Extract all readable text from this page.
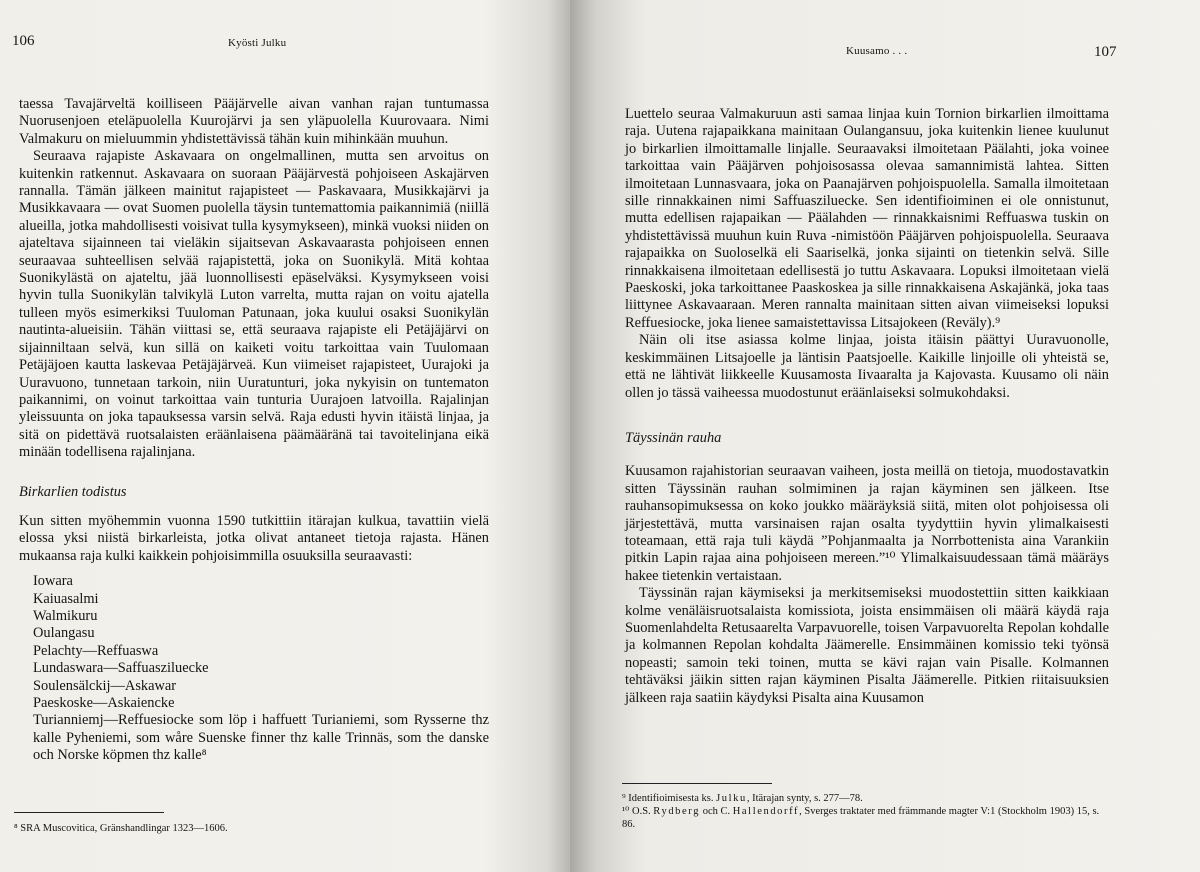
106	Kyösti Julku

taessa Tavajärveltä koilliseen Pääjärvelle aivan vanhan rajan tuntumassa Nuorusenjoen eteläpuolella Kuurojärvi ja sen yläpuolella Kuurovaara. Nimi Valmakuru on mieluummin yhdistettävissä tähän kuin mihinkään muuhun.

Seuraava rajapiste Askavaara on ongelmallinen, mutta sen arvoitus on kuitenkin ratkennut. Askavaara on suoraan Pääjärvestä pohjoiseen Askajärven rannalla. Tämän jälkeen mainitut rajapisteet — Paskavaara, Musikkajärvi ja Musikkavaara — ovat Suomen puolella täysin tuntemattomia paikannimiä (niillä alueilla, jotka mahdollisesti voisivat tulla kysymykseen), minkä vuoksi niiden on ajateltava sijainneen tai vieläkin sijaitsevan Askavaarasta pohjoiseen ennen seuraavaa suhteellisen selvää rajapistettä, joka on Suonikylä. Mitä kohtaa Suonikylästä on ajateltu, jää luonnollisesti epäselväksi. Kysymykseen voisi hyvin tulla Suonikylän talvikylä Luton varrelta, mutta rajan on voitu ajatella tulleen myös esimerkiksi Tuuloman Patunaan, joka kuului osaksi Suonikylän nautinta-alueisiin. Tähän viittasi se, että seuraava rajapiste eli Petäjäjärvi on sijainniltaan selvä, kun sillä on kaiketi voitu tarkoittaa vain Tuulomaan Petäjäjoen kautta laskevaa Petäjäjärveä. Kun viimeiset rajapisteet, Uurajoki ja Uuravuono, tunnetaan tarkoin, niin Uuratunturi, joka nykyisin on tuntematon paikannimi, on voinut tarkoittaa vain tunturia Uurajoen latvoilla. Rajalinjan yleissuunta on joka tapauksessa varsin selvä. Raja edusti hyvin itäistä linjaa, ja sitä on pidettävä ruotsalaisten eräänlaisena päämääränä tai tavoitelinjana eikä minään todellisena rajalinjana.

Birkarlien todistus

Kun sitten myöhemmin vuonna 1590 tutkittiin itärajan kulkua, tavattiin vielä elossa yksi niistä birkarleista, jotka olivat antaneet tietoja rajasta. Hänen mukaansa raja kulki kaikkein pohjoisimmilla osuuksilla seuraavasti:

Iowara
Kaiuasalmi
Walmikuru
Oulangasu
Pelachty—Reffuaswa
Lundaswara—Saffuaszilueckе
Soulensälckij—Askawar
Paeskoske—Askaiencke

Turianniemj—Reffuesiocke som löp i haffuett Turianiemi, som Rysserne thz kalle Pyheniemi, som wåre Suenske finner thz kalle Trinnäs, som the danske och Norske köpmen thz kalle⁸

⁸ SRA Muscovitica, Gränshandlingar 1323—1606.
Kuusamo . . .	107

Luettelo seuraa Valmakuruun asti samaa linjaa kuin Tornion birkarlien ilmoittama raja. Uutena rajapaikkana mainitaan Oulangansuu, joka kuitenkin lienee kuulunut jo birkarlien ilmoittamalle linjalle. Seuraavaksi ilmoitetaan Päälahti, joka voinee tarkoittaa vain Pääjärven pohjoisosassa olevaa samannimistä lahtea. Sitten ilmoitetaan Lunnasvaara, joka on Paanajärven pohjoispuolella. Samalla ilmoitetaan sille rinnakkainen nimi Saffuaszilueckе. Sen identifioiminen ei ole onnistunut, mutta edellisen rajapaikan — Päälahden — rinnakkaisnimi Reffuaswa tuskin on yhdistettävissä muuhun kuin Ruva -nimistöön Pääjärven pohjoispuolella. Seuraava rajapaikka on Suoloselkä eli Saariselkä, jonka sijainti on tietenkin selvä. Sille rinnakkaisena ilmoitetaan edellisestä jo tuttu Askavaara. Lopuksi ilmoitetaan vielä Paeskoski, joka tarkoittanee Paaskoskea ja sille rinnakkaisena Askajänkä, joka taas liittynee Askavaaraan. Meren rannalta mainitaan sitten aivan viimeiseksi lopuksi Reffuesiocke, joka lienee samaistettavissa Litsajokeen (Reväly).⁹

Näin oli itse asiassa kolme linjaa, joista itäisin päättyi Uuravuonolle, keskimmäinen Litsajoelle ja läntisin Paatsjoelle. Kaikille linjoille oli yhteistä se, että ne lähtivät liikkeelle Kuusamosta Iivaaralta ja Kajovasta. Kuusamo oli näin ollen jo tässä vaiheessa muodostunut eräänlaiseksi solmukohdaksi.

Täyssinän rauha

Kuusamon rajahistorian seuraavan vaiheen, josta meillä on tietoja, muodostavatkin sitten Täyssinän rauhan solmiminen ja rajan käyminen sen jälkeen. Itse rauhansopimuksessa on koko joukko määräyksiä siitä, miten olot pohjoisessa oli järjestettävä, mutta varsinaisen rajan osalta tyydyttiin hyvin ylimalkaisesti toteamaan, että raja tuli käydä ”Pohjanmaalta ja Norrbottenista aina Varankiin pitkin Lapin rajaa aina pohjoiseen mereen.”¹⁰ Ylimalkaisuudessaan tämä määräys hakee tietenkin vertaistaan.

Täyssinän rajan käymiseksi ja merkitsemiseksi muodostettiin sitten kaikkiaan kolme venäläisruotsalaista komissiota, joista ensimmäisen oli määrä käydä raja Suomenlahdelta Retusaarelta Varpavuorelle, toisen Varpavuorelta Repolan kohdalle ja kolmannen Repolan kohdalta Jäämerelle. Ensimmäinen komissio teki työnsä nopeasti; samoin teki toinen, mutta se kävi rajan vain Pisalle. Kolmannen tehtäväksi jäikin sitten rajan käyminen Pisalta Jäämerelle. Pitkien riitaisuuksien jälkeen raja saatiin käydyksi Pisalta aina Kuusamon

⁹ Identifioimisesta ks. Julku, Itärajan synty, s. 277—78.
¹⁰ O.S. Rydberg och C. Hallendorff, Sverges traktater med främmande magter V:1 (Stockholm 1903) 15, s. 86.
